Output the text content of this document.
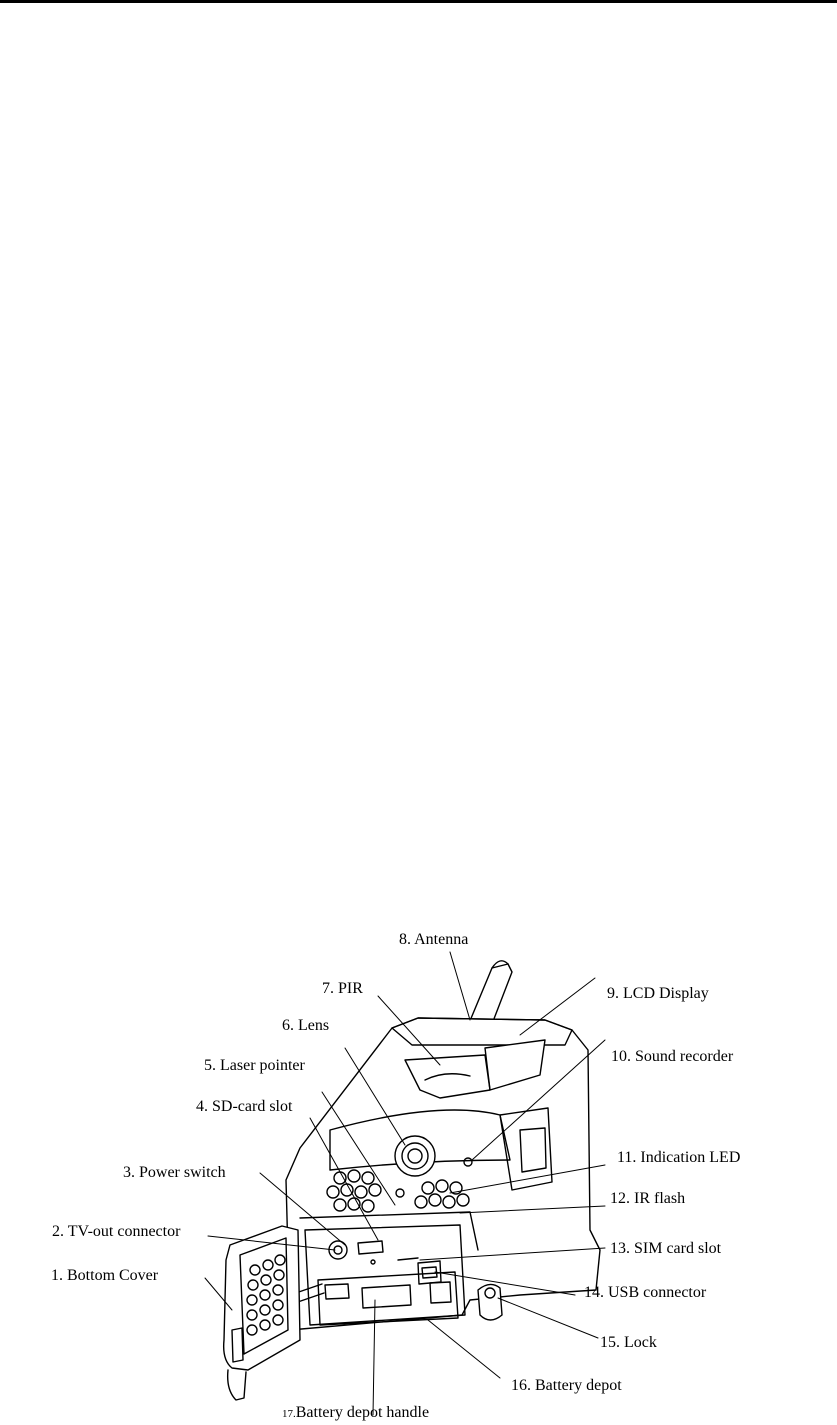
8. Antenna
7. PIR	9. LCD Display
6. Lens
5. Laser pointer
10. Sound recorder
4. SD-card slot
11. Indication LED
3. Power switch
12. IR flash
2. TV-out connector
13. SIM card slot
1. Bottom Cover
14. USB connector
15. Lock
16. Battery depot
17.Battery depot handle
